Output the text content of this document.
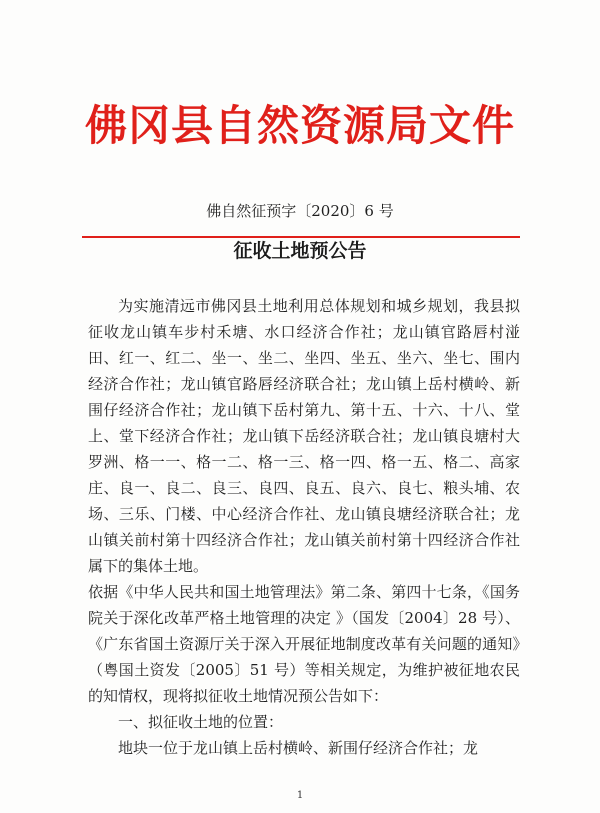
佛冈县自然资源局文件
佛自然征预字〔2020〕6 号
征收土地预公告

为实施清远市佛冈县土地利用总体规划和城乡规划，我县拟征收龙山镇车步村禾塘、水口经济合作社；龙山镇官路唇村湴田、红一、红二、坐一、坐二、坐四、坐五、坐六、坐七、围内经济合作社；龙山镇官路唇经济联合社；龙山镇上岳村横岭、新围仔经济合作社；龙山镇下岳村第九、第十五、十六、十八、堂上、堂下经济合作社；龙山镇下岳经济联合社；龙山镇良塘村大罗洲、格一一、格一二、格一三、格一四、格一五、格二、高家庄、良一、良二、良三、良四、良五、良六、良七、粮头埔、农场、三乐、门楼、中心经济合作社、龙山镇良塘经济联合社；龙山镇关前村第十四经济合作社；龙山镇关前村第十四经济合作社属下的集体土地。

依据《中华人民共和国土地管理法》第二条、第四十七条，《国务院关于深化改革严格土地管理的决定 》（国发〔2004〕28 号）、《广东省国土资源厅关于深入开展征地制度改革有关问题的通知》（粤国土资发〔2005〕51 号）等相关规定，为维护被征地农民的知情权，现将拟征收土地情况预公告如下：

一、拟征收土地的位置：

地块一位于龙山镇上岳村横岭、新围仔经济合作社；龙

1
